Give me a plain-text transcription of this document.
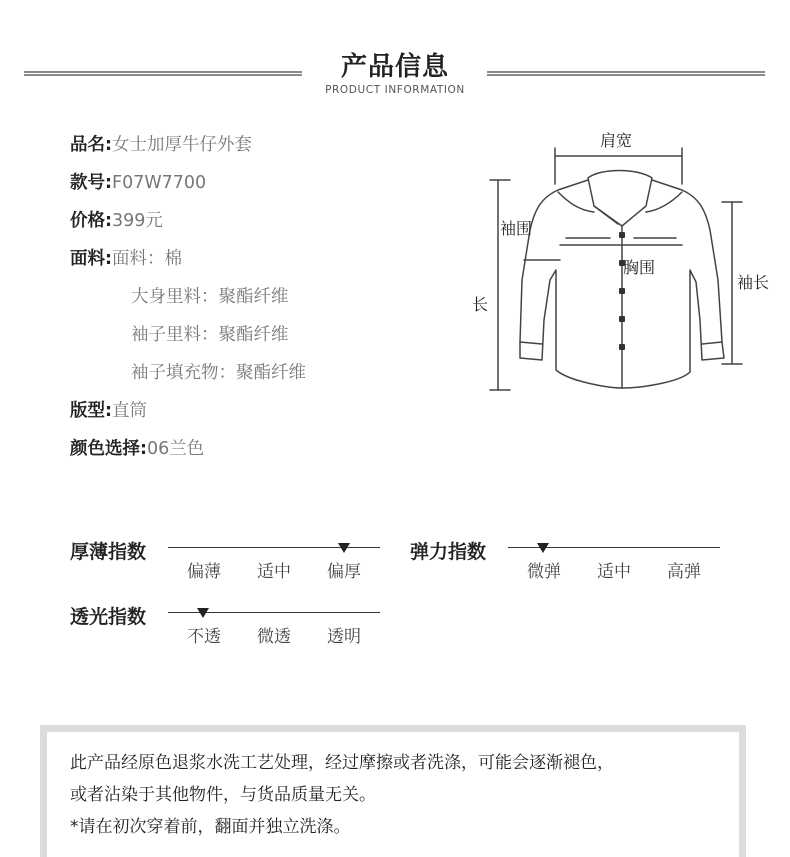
产品信息
PRODUCT INFORMATION
品名:女士加厚牛仔外套
款号:F07W7700
价格:399元
面料:面料：棉
大身里料：聚酯纤维
袖子里料：聚酯纤维
袖子填充物：聚酯纤维
版型:直筒
颜色选择:06兰色
肩宽
袖围
胸围
袖长
长
厚薄指数
偏薄	适中	偏厚
弹力指数
微弹	适中	高弹
透光指数
不透	微透	透明
此产品经原色退浆水洗工艺处理，经过摩擦或者洗涤，可能会逐渐褪色，
或者沾染于其他物件，与货品质量无关。
*请在初次穿着前，翻面并独立洗涤。
